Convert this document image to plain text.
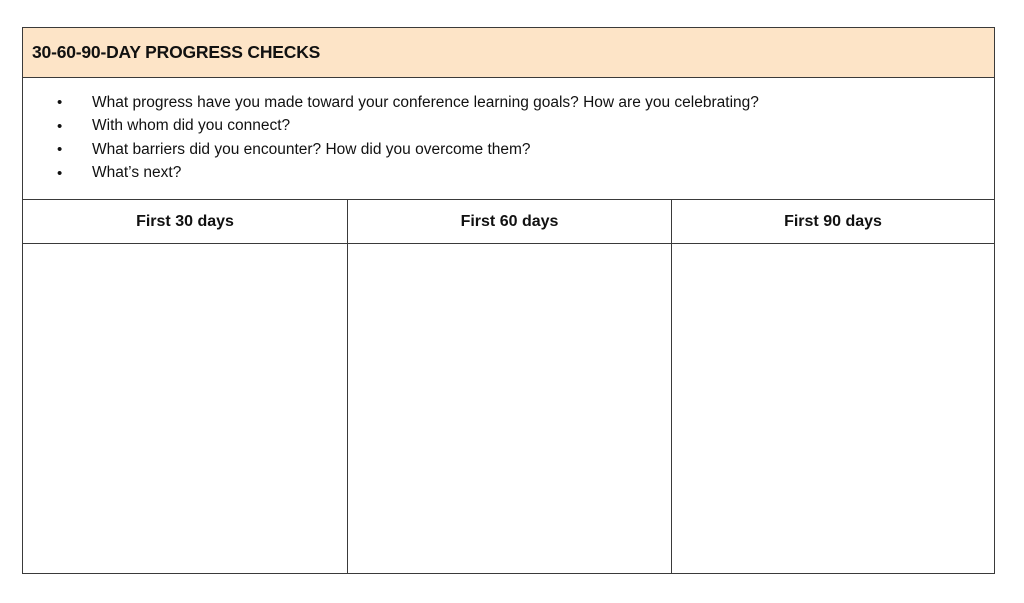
30-60-90-DAY PROGRESS CHECKS
•	What progress have you made toward your conference learning goals? How are you celebrating?
•	With whom did you connect?
•	What barriers did you encounter? How did you overcome them?
•	What’s next?
First 30 days	First 60 days	First 90 days
